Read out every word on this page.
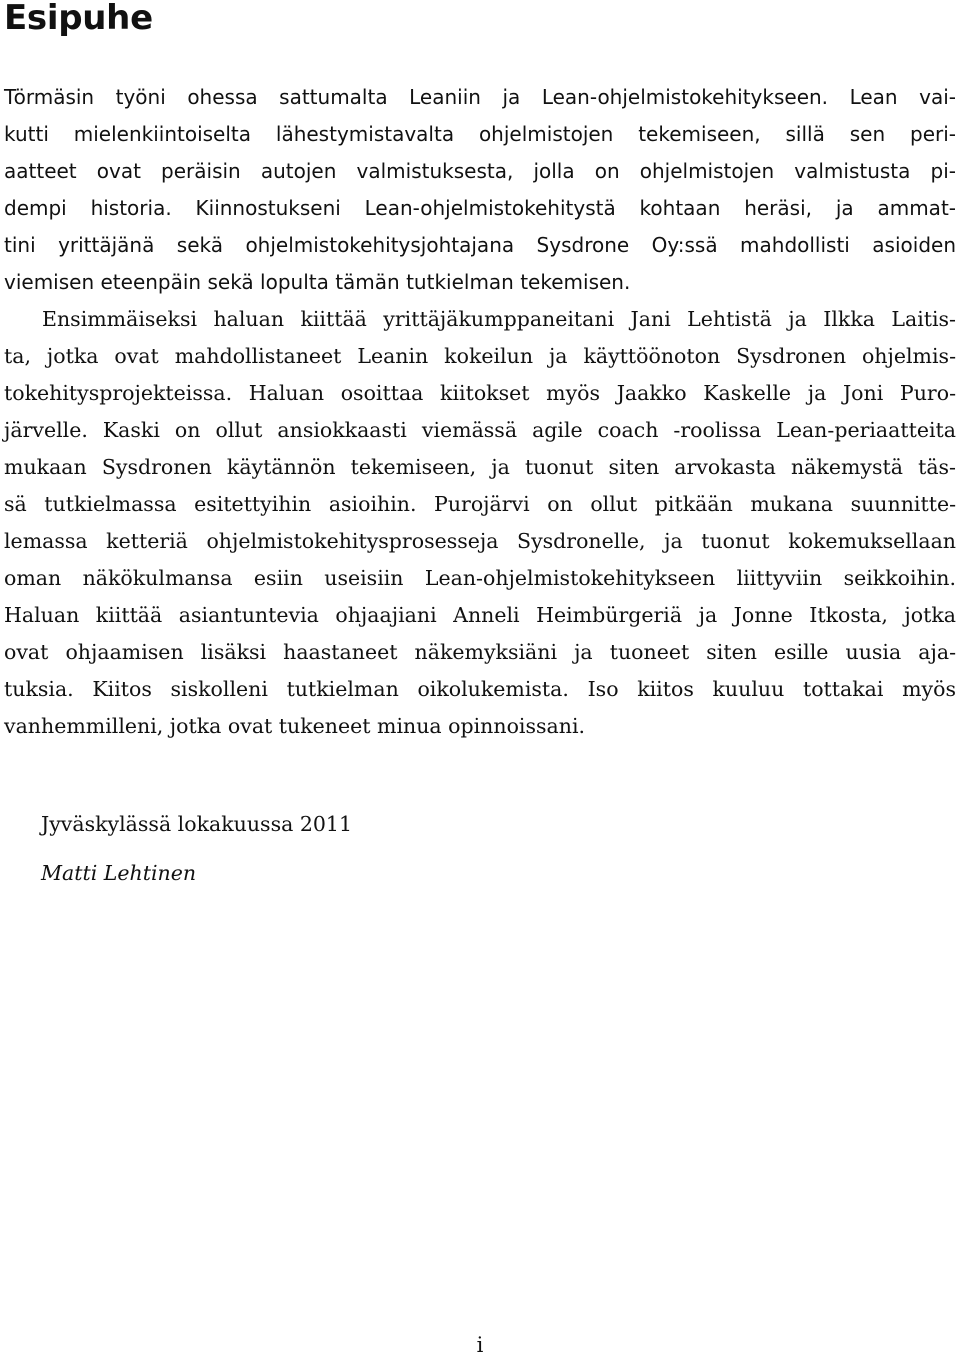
Esipuhe
Törmäsin työni ohessa sattumalta Leaniin ja Lean-ohjelmistokehitykseen. Lean vai-
kutti mielenkiintoiselta lähestymistavalta ohjelmistojen tekemiseen, sillä sen peri-
aatteet ovat peräisin autojen valmistuksesta, jolla on ohjelmistojen valmistusta pi-
dempi historia. Kiinnostukseni Lean-ohjelmistokehitystä kohtaan heräsi, ja ammat-
tini yrittäjänä sekä ohjelmistokehitysjohtajana Sysdrone Oy:ssä mahdollisti asioiden
viemisen eteenpäin sekä lopulta tämän tutkielman tekemisen.
Ensimmäiseksi haluan kiittää yrittäjäkumppaneitani Jani Lehtistä ja Ilkka Laitis-
ta, jotka ovat mahdollistaneet Leanin kokeilun ja käyttöönoton Sysdronen ohjelmis-
tokehitysprojekteissa. Haluan osoittaa kiitokset myös Jaakko Kaskelle ja Joni Puro-
järvelle. Kaski on ollut ansiokkaasti viemässä agile coach -roolissa Lean-periaatteita
mukaan Sysdronen käytännön tekemiseen, ja tuonut siten arvokasta näkemystä täs-
sä tutkielmassa esitettyihin asioihin. Purojärvi on ollut pitkään mukana suunnitte-
lemassa ketteriä ohjelmistokehitysprosesseja Sysdronelle, ja tuonut kokemuksellaan
oman näkökulmansa esiin useisiin Lean-ohjelmistokehitykseen liittyviin seikkoihin.
Haluan kiittää asiantuntevia ohjaajiani Anneli Heimbürgeriä ja Jonne Itkosta, jotka
ovat ohjaamisen lisäksi haastaneet näkemyksiäni ja tuoneet siten esille uusia aja-
tuksia. Kiitos siskolleni tutkielman oikolukemista. Iso kiitos kuuluu tottakai myös
vanhemmilleni, jotka ovat tukeneet minua opinnoissani.
Jyväskylässä lokakuussa 2011
Matti Lehtinen
i
